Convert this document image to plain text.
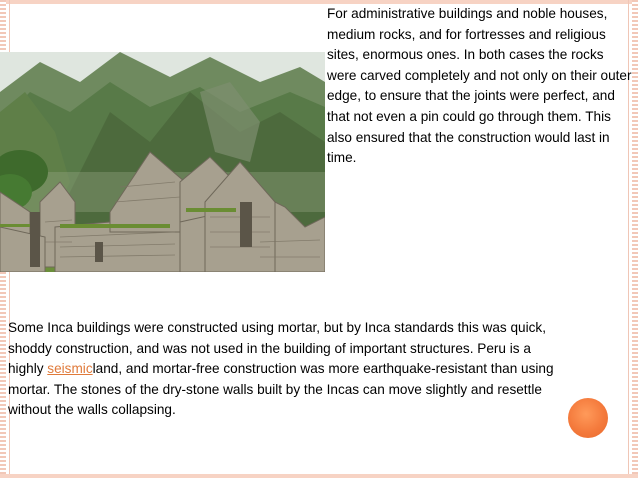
For administrative buildings and noble houses, medium rocks, and for fortresses and religious sites, enormous ones. In both cases the rocks were carved completely and not only on their outer edge, to ensure that the joints were perfect, and that not even a pin could go through them. This also ensured that the construction would last in time.
Some Inca buildings were constructed using mortar, but by Inca standards this was quick, shoddy construction, and was not used in the building of important structures. Peru is a highly seismicland, and mortar-free construction was more earthquake-resistant than using mortar. The stones of the dry-stone walls built by the Incas can move slightly and resettle without the walls collapsing.
